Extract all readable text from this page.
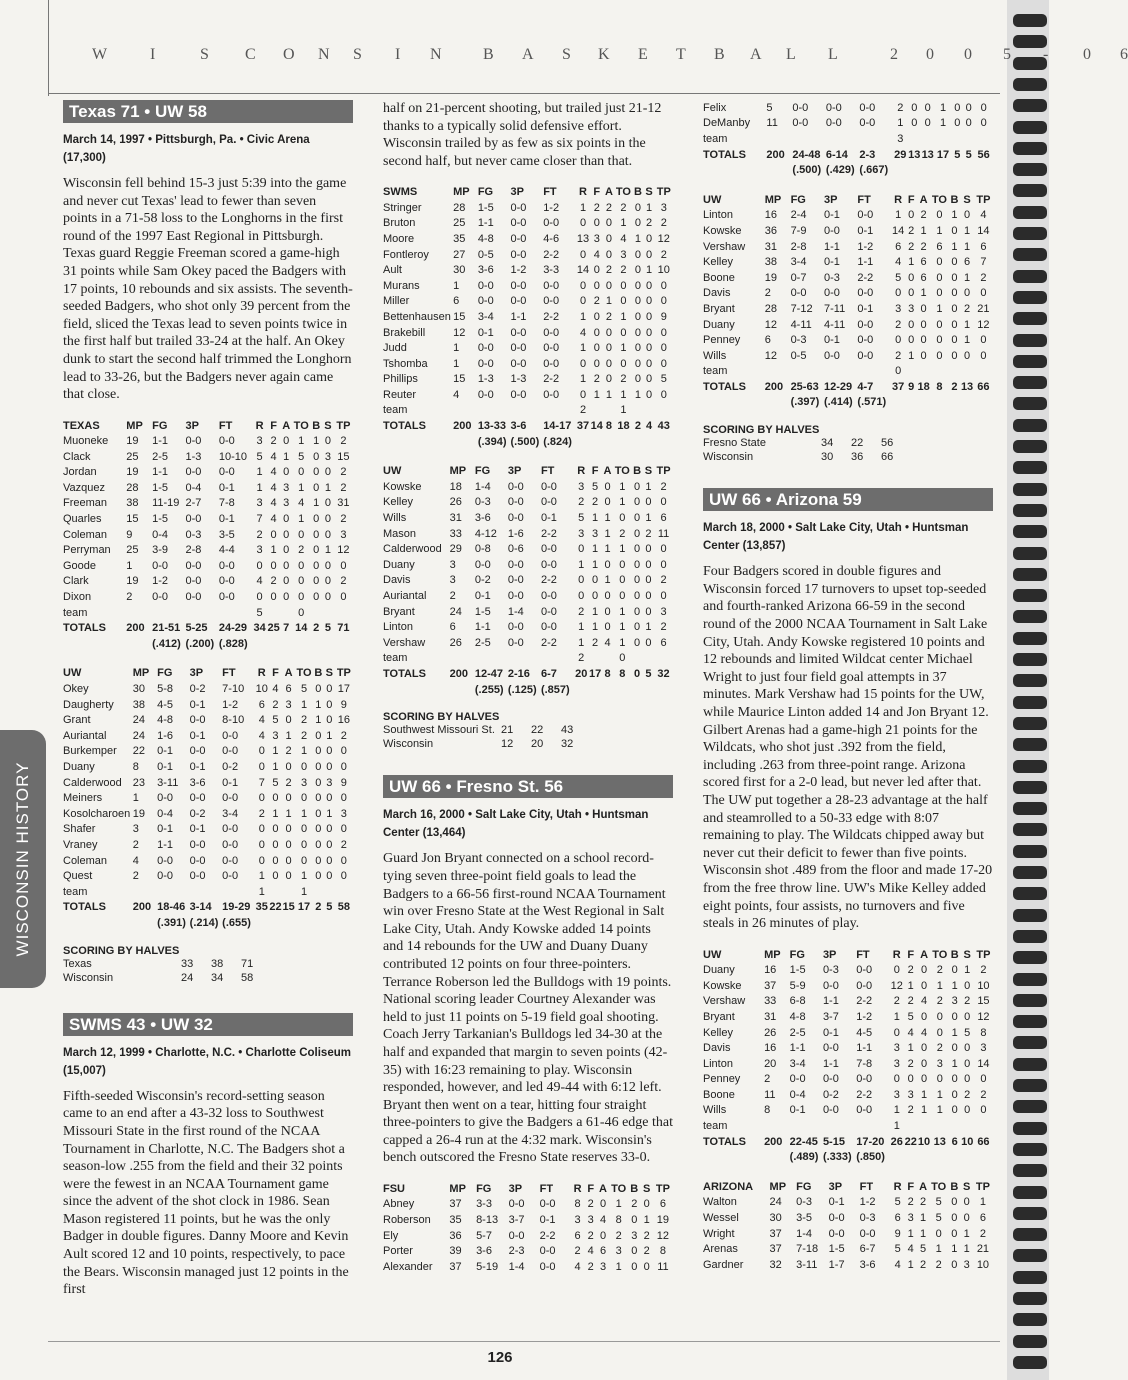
W	I	S C O N S I N	B A S K E T B A L L	2 0 0 5 - 0 6
WISCONSIN HISTORY
Texas 71 • UW 58
March 14, 1997 • Pittsburgh, Pa. • Civic Arena (17,300)
Wisconsin fell behind 15-3 just 5:39 into the game and never cut Texas' lead to fewer than seven points in a 71-58 loss to the Longhorns in the first round of the 1997 East Regional in Pittsburgh. Texas guard Reggie Freeman scored a game-high 31 points while Sam Okey paced the Badgers with 17 points, 10 rebounds and six assists. The seventh-seeded Badgers, who shot only 39 percent from the field, sliced the Texas lead to seven points twice in the first half but trailed 33-24 at the half. An Okey dunk to start the second half trimmed the Longhorn lead to 33-26, but the Badgers never again came that close.
TEXAS	MP	FG	3P	FT	R	F	A	TO	B	S	TP
Muoneke	19	1-1	0-0	0-0	3	2	0	1	1	0	2
Clack	25	2-5	1-3	10-10	5	4	1	5	0	3	15
Jordan	19	1-1	0-0	0-0	1	4	0	0	0	0	2
Vazquez	28	1-5	0-4	0-1	1	4	3	1	0	1	2
Freeman	38	11-19	2-7	7-8	3	4	3	4	1	0	31
Quarles	15	1-5	0-0	0-1	7	4	0	1	0	0	2
Coleman	9	0-4	0-3	3-5	2	0	0	0	0	0	3
Perryman	25	3-9	2-8	4-4	3	1	0	2	0	1	12
Goode	1	0-0	0-0	0-0	0	0	0	0	0	0	0
Clark	19	1-2	0-0	0-0	4	2	0	0	0	0	2
Dixon	2	0-0	0-0	0-0	0	0	0	0	0	0	0
team					5			0			
TOTALS	200	21-51	5-25	24-29	34	25	7	14	2	5	71
		(.412)	(.200)	(.828)							
UW	MP	FG	3P	FT	R	F	A	TO	B	S	TP
Okey	30	5-8	0-2	7-10	10	4	6	5	0	0	17
Daugherty	38	4-5	0-1	1-2	6	2	3	1	1	0	9
Grant	24	4-8	0-0	8-10	4	5	0	2	1	0	16
Auriantal	24	1-6	0-1	0-0	4	3	1	2	0	1	2
Burkemper	22	0-1	0-0	0-0	0	1	2	1	0	0	0
Duany	8	0-1	0-1	0-2	0	1	0	0	0	0	0
Calderwood	23	3-11	3-6	0-1	7	5	2	3	0	3	9
Meiners	1	0-0	0-0	0-0	0	0	0	0	0	0	0
Kosolcharoen	19	0-4	0-2	3-4	2	1	1	1	0	1	3
Shafer	3	0-1	0-1	0-0	0	0	0	0	0	0	0
Vraney	2	1-1	0-0	0-0	0	0	0	0	0	0	2
Coleman	4	0-0	0-0	0-0	0	0	0	0	0	0	0
Quest	2	0-0	0-0	0-0	1	0	0	1	0	0	0
team					1			1			
TOTALS	200	18-46	3-14	19-29	35	22	15	17	2	5	58
		(.391)	(.214)	(.655)							
SCORING BY HALVES
Texas	33	38	71
Wisconsin	24	34	58
SWMS 43 • UW 32
March 12, 1999 • Charlotte, N.C. • Charlotte Coliseum (15,007)
Fifth-seeded Wisconsin's record-setting season came to an end after a 43-32 loss to Southwest Missouri State in the first round of the NCAA Tournament in Charlotte, N.C. The Badgers shot a season-low .255 from the field and their 32 points were the fewest in an NCAA Tournament game since the advent of the shot clock in 1986. Sean Mason registered 11 points, but he was the only Badger in double figures. Danny Moore and Kevin Ault scored 12 and 10 points, respectively, to pace the Bears. Wisconsin managed just 12 points in the first
half on 21-percent shooting, but trailed just 21-12 thanks to a typically solid defensive effort. Wisconsin trailed by as few as six points in the second half, but never came closer than that.
SWMS	MP	FG	3P	FT	R	F	A	TO	B	S	TP
Stringer	28	1-5	0-0	1-2	1	2	2	2	0	1	3
Bruton	25	1-1	0-0	0-0	0	0	0	1	0	2	2
Moore	35	4-8	0-0	4-6	13	3	0	4	1	0	12
Fontleroy	27	0-5	0-0	2-2	0	4	0	3	0	0	2
Ault	30	3-6	1-2	3-3	14	0	2	2	0	1	10
Murans	1	0-0	0-0	0-0	0	0	0	0	0	0	0
Miller	6	0-0	0-0	0-0	0	2	1	0	0	0	0
Bettenhausen	15	3-4	1-1	2-2	1	0	2	1	0	0	9
Brakebill	12	0-1	0-0	0-0	4	0	0	0	0	0	0
Judd	1	0-0	0-0	0-0	1	0	0	1	0	0	0
Tshomba	1	0-0	0-0	0-0	0	0	0	0	0	0	0
Phillips	15	1-3	1-3	2-2	1	2	0	2	0	0	5
Reuter	4	0-0	0-0	0-0	0	1	1	1	1	0	0
team					2			1			
TOTALS	200	13-33	3-6	14-17	37	14	8	18	2	4	43
		(.394)	(.500)	(.824)							
UW	MP	FG	3P	FT	R	F	A	TO	B	S	TP
Kowske	18	1-4	0-0	0-0	3	5	0	1	0	1	2
Kelley	26	0-3	0-0	0-0	2	2	0	1	0	0	0
Wills	31	3-6	0-0	0-1	5	1	1	0	0	1	6
Mason	33	4-12	1-6	2-2	3	3	1	2	0	2	11
Calderwood	29	0-8	0-6	0-0	0	1	1	1	0	0	0
Duany	3	0-0	0-0	0-0	1	1	0	0	0	0	0
Davis	3	0-2	0-0	2-2	0	0	1	0	0	0	2
Auriantal	2	0-1	0-0	0-0	0	0	0	0	0	0	0
Bryant	24	1-5	1-4	0-0	2	1	0	1	0	0	3
Linton	6	1-1	0-0	0-0	1	1	0	1	0	1	2
Vershaw	26	2-5	0-0	2-2	1	2	4	1	0	0	6
team					2			0			
TOTALS	200	12-47	2-16	6-7	20	17	8	8	0	5	32
		(.255)	(.125)	(.857)							
SCORING BY HALVES
Southwest Missouri St.	21	22	43
Wisconsin	12	20	32
UW 66 • Fresno St. 56
March 16, 2000 • Salt Lake City, Utah • Huntsman Center (13,464)
Guard Jon Bryant connected on a school record-tying seven three-point field goals to lead the Badgers to a 66-56 first-round NCAA Tournament win over Fresno State at the West Regional in Salt Lake City, Utah. Andy Kowske added 14 points and 14 rebounds for the UW and Duany Duany contributed 12 points on four three-pointers. Terrance Roberson led the Bulldogs with 19 points. National scoring leader Courtney Alexander was held to just 11 points on 5-19 field goal shooting. Coach Jerry Tarkanian's Bulldogs led 34-30 at the half and expanded that margin to seven points (42-35) with 16:23 remaining to play. Wisconsin responded, however, and led 49-44 with 6:12 left. Bryant then went on a tear, hitting four straight three-pointers to give the Badgers a 61-46 edge that capped a 26-4 run at the 4:32 mark. Wisconsin's bench outscored the Fresno State reserves 33-0.
FSU	MP	FG	3P	FT	R	F	A	TO	B	S	TP
Abney	37	3-3	0-0	0-0	8	2	0	1	2	0	6
Roberson	35	8-13	3-7	0-1	3	3	4	8	0	1	19
Ely	36	5-7	0-0	2-2	6	2	0	2	3	2	12
Porter	39	3-6	2-3	0-0	2	4	6	3	0	2	8
Alexander	37	5-19	1-4	0-0	4	2	3	1	0	0	11
Felix	5	0-0	0-0	0-0	2	0	0	1	0	0	0
DeManby	11	0-0	0-0	0-0	1	0	0	1	0	0	0
team					3						
TOTALS	200	24-48	6-14	2-3	29	13	13	17	5	5	56
		(.500)	(.429)	(.667)							
UW	MP	FG	3P	FT	R	F	A	TO	B	S	TP
Linton	16	2-4	0-1	0-0	1	0	2	0	1	0	4
Kowske	36	7-9	0-0	0-1	14	2	1	1	0	1	14
Vershaw	31	2-8	1-1	1-2	6	2	2	6	1	1	6
Kelley	38	3-4	0-1	1-1	4	1	6	0	0	6	7
Boone	19	0-7	0-3	2-2	5	0	6	0	0	1	2
Davis	2	0-0	0-0	0-0	0	0	1	0	0	0	0
Bryant	28	7-12	7-11	0-1	3	3	0	1	0	2	21
Duany	12	4-11	4-11	0-0	2	0	0	0	0	1	12
Penney	6	0-3	0-1	0-0	0	0	0	0	0	1	0
Wills	12	0-5	0-0	0-0	2	1	0	0	0	0	0
team					0						
TOTALS	200	25-63	12-29	4-7	37	9	18	8	2	13	66
		(.397)	(.414)	(.571)							
SCORING BY HALVES
Fresno State	34	22	56
Wisconsin	30	36	66
UW 66 • Arizona 59
March 18, 2000 • Salt Lake City, Utah • Huntsman Center (13,857)
Four Badgers scored in double figures and Wisconsin forced 17 turnovers to upset top-seeded and fourth-ranked Arizona 66-59 in the second round of the 2000 NCAA Tournament in Salt Lake City, Utah. Andy Kowske registered 10 points and 12 rebounds and limited Wildcat center Michael Wright to just four field goal attempts in 37 minutes. Mark Vershaw had 15 points for the UW, while Maurice Linton added 14 and Jon Bryant 12. Gilbert Arenas had a game-high 21 points for the Wildcats, who shot just .392 from the field, including .263 from three-point range. Arizona scored first for a 2-0 lead, but never led after that. The UW put together a 28-23 advantage at the half and steamrolled to a 50-33 edge with 8:07 remaining to play. The Wildcats chipped away but never cut their deficit to fewer than five points. Wisconsin shot .489 from the floor and made 17-20 from the free throw line. UW's Mike Kelley added eight points, four assists, no turnovers and five steals in 26 minutes of play.
UW	MP	FG	3P	FT	R	F	A	TO	B	S	TP
Duany	16	1-5	0-3	0-0	0	2	0	2	0	1	2
Kowske	37	5-9	0-0	0-0	12	1	0	1	1	0	10
Vershaw	33	6-8	1-1	2-2	2	2	4	2	3	2	15
Bryant	31	4-8	3-7	1-2	1	5	0	0	0	0	12
Kelley	26	2-5	0-1	4-5	0	4	4	0	1	5	8
Davis	16	1-1	0-0	1-1	3	1	0	2	0	0	3
Linton	20	3-4	1-1	7-8	3	2	0	3	1	0	14
Penney	2	0-0	0-0	0-0	0	0	0	0	0	0	0
Boone	11	0-4	0-2	2-2	3	3	1	1	0	2	2
Wills	8	0-1	0-0	0-0	1	2	1	1	0	0	0
team					1						
TOTALS	200	22-45	5-15	17-20	26	22	10	13	6	10	66
		(.489)	(.333)	(.850)							
ARIZONA	MP	FG	3P	FT	R	F	A	TO	B	S	TP
Walton	24	0-3	0-1	1-2	5	2	2	5	0	0	1
Wessel	30	3-5	0-0	0-3	6	3	1	5	0	0	6
Wright	37	1-4	0-0	0-0	9	1	1	0	0	1	2
Arenas	37	7-18	1-5	6-7	5	4	5	1	1	1	21
Gardner	32	3-11	1-7	3-6	4	1	2	2	0	3	10
126
